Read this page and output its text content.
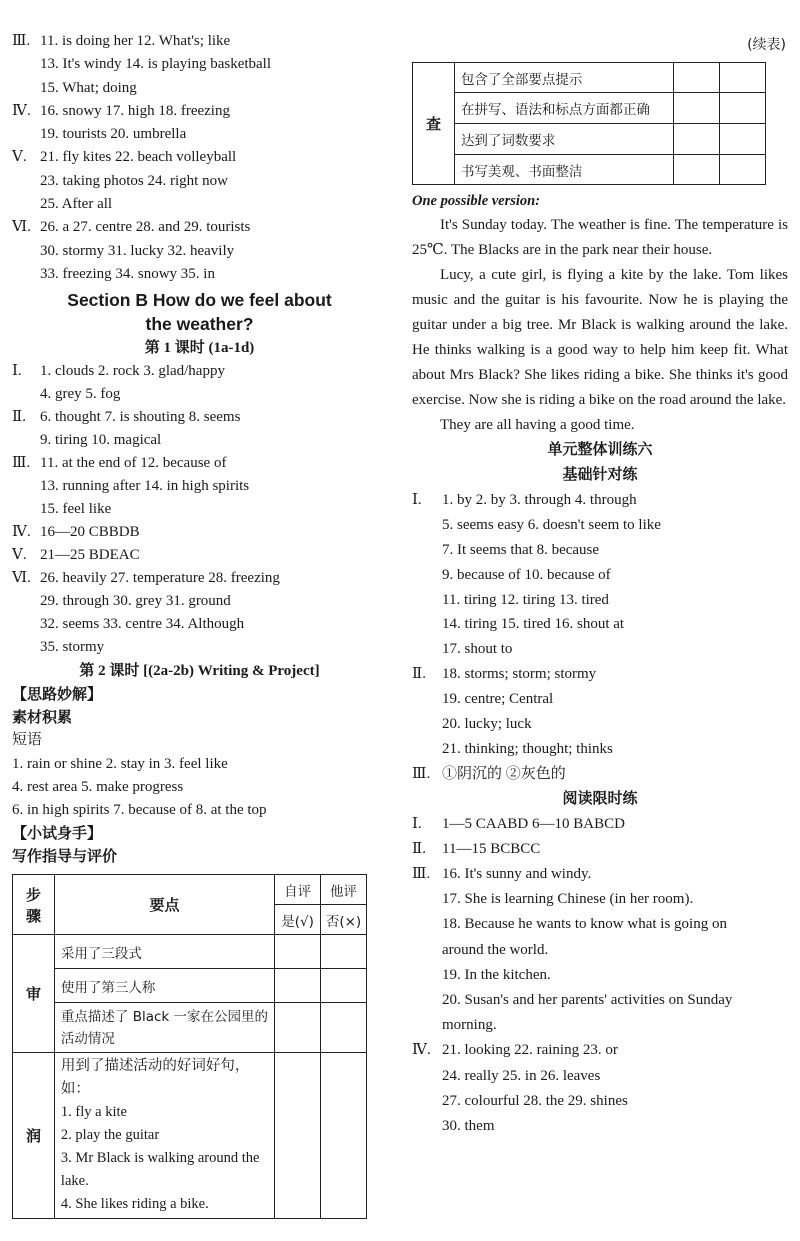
Ⅲ. 11. is doing her 12. What's; like
13. It's windy 14. is playing basketball
15. What; doing
Ⅳ. 16. snowy 17. high 18. freezing
19. tourists 20. umbrella
Ⅴ. 21. fly kites 22. beach volleyball
23. taking photos 24. right now
25. After all
Ⅵ. 26. a 27. centre 28. and 29. tourists
30. stormy 31. lucky 32. heavily
33. freezing 34. snowy 35. in
Section B How do we feel about
the weather?
第 1 课时 (1a-1d)
Ⅰ. 1. clouds 2. rock 3. glad/happy
4. grey 5. fog
Ⅱ. 6. thought 7. is shouting 8. seems
9. tiring 10. magical
Ⅲ. 11. at the end of 12. because of
13. running after 14. in high spirits
15. feel like
Ⅳ. 16—20 CBBDB
Ⅴ. 21—25 BDEAC
Ⅵ. 26. heavily 27. temperature 28. freezing
29. through 30. grey 31. ground
32. seems 33. centre 34. Although
35. stormy
第 2 课时 [(2a-2b) Writing & Project]
【思路妙解】
素材积累
短语
1. rain or shine 2. stay in 3. feel like
4. rest area 5. make progress
6. in high spirits 7. because of 8. at the top
【小试身手】
写作指导与评价
步骤	要点	自评	他评
		是(√)	否(×)
审	采用了三段式		
	使用了第三人称		
	重点描述了 Black 一家在公园里的活动情况		
润	用到了描述活动的好词好句，如：
1. fly a kite
2. play the guitar
3. Mr Black is walking around the lake.
4. She likes riding a bike.		

(续表)
查	包含了全部要点提示		
	在拼写、语法和标点方面都正确		
	达到了词数要求		
	书写美观、书面整洁		
One possible version:

It's Sunday today. The weather is fine. The temperature is 25℃. The Blacks are in the park near their house.

Lucy, a cute girl, is flying a kite by the lake. Tom likes music and the guitar is his favourite. Now he is playing the guitar under a big tree. Mr Black is walking around the lake. He thinks walking is a good way to help him keep fit. What about Mrs Black? She likes riding a bike. She thinks it's good exercise. Now she is riding a bike on the road around the lake.

They are all having a good time.

单元整体训练六
基础针对练
Ⅰ. 1. by 2. by 3. through 4. through
5. seems easy 6. doesn't seem to like
7. It seems that 8. because
9. because of 10. because of
11. tiring 12. tiring 13. tired
14. tiring 15. tired 16. shout at
17. shout to
Ⅱ. 18. storms; storm; stormy
19. centre; Central
20. lucky; luck
21. thinking; thought; thinks
Ⅲ. ①阴沉的 ②灰色的
阅读限时练
Ⅰ. 1—5 CAABD 6—10 BABCD
Ⅱ. 11—15 BCBCC
Ⅲ. 16. It's sunny and windy.
17. She is learning Chinese (in her room).
18. Because he wants to know what is going on
around the world.
19. In the kitchen.
20. Susan's and her parents' activities on Sunday
morning.
Ⅳ. 21. looking 22. raining 23. or
24. really 25. in 26. leaves
27. colourful 28. the 29. shines
30. them
